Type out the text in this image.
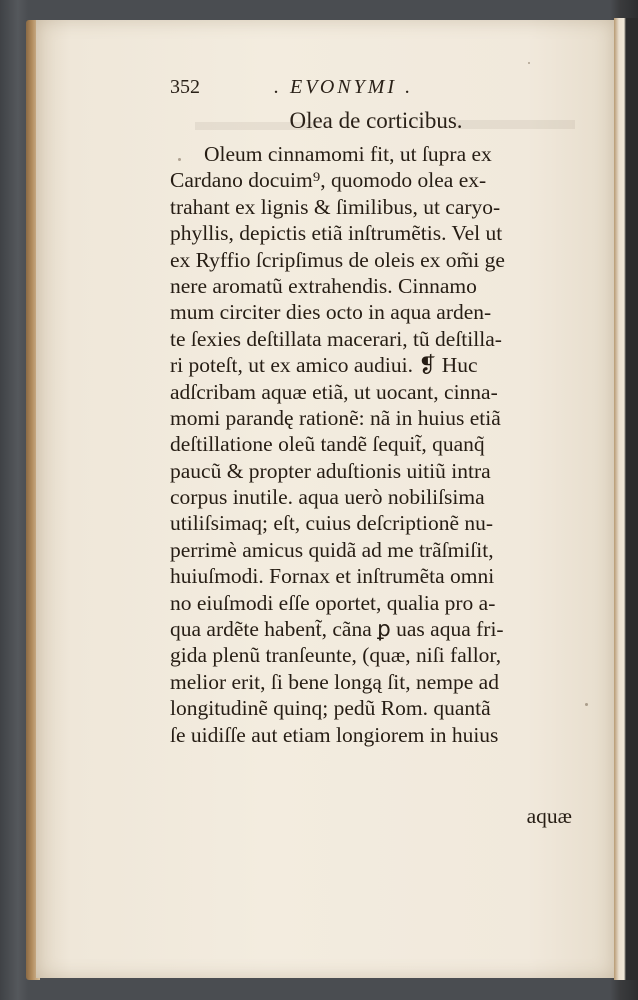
352	. EVONYMI .
Olea de corticibus.
Oleum cinnamomi fit, ut ſupra ex
Cardano docuim⁹, quomodo olea ex-
trahant ex lignis & ſimilibus, ut caryo-
phyllis, depictis etiã inſtrumẽtis. Vel ut
ex Ryffio ſcripſimus de oleis ex om̃i ge
nere aromatũ extrahendis. Cinnamo
mum circiter dies octo in aqua arden-
te ſexies deſtillata macerari, tũ deſtilla-
ri poteſt, ut ex amico audiui. ❡ Huc
adſcribam aquæ etiã, ut uocant, cinna-
momi parandę rationẽ: nã in huius etiã
deſtillatione oleũ tandẽ ſequit̃, quanq̃
paucũ & propter aduſtionis uitiũ intra
corpus inutile. aqua uerò nobiliſsima
utiliſsimaq; eſt, cuius deſcriptionẽ nu-
perrimè amicus quidã ad me trãſmiſit,
huiuſmodi. Fornax et inſtrumẽta omni
no eiuſmodi eſſe oportet, qualia pro a-
qua ardẽte habent̃, cãna ꝑ uas aqua fri-
gida plenũ tranſeunte, (quæ, niſi fallor,
melior erit, ſi bene longą ſit, nempe ad
longitudinẽ quinq; pedũ Rom. quantã
ſe uidiſſe aut etiam longiorem in huius
aquæ
